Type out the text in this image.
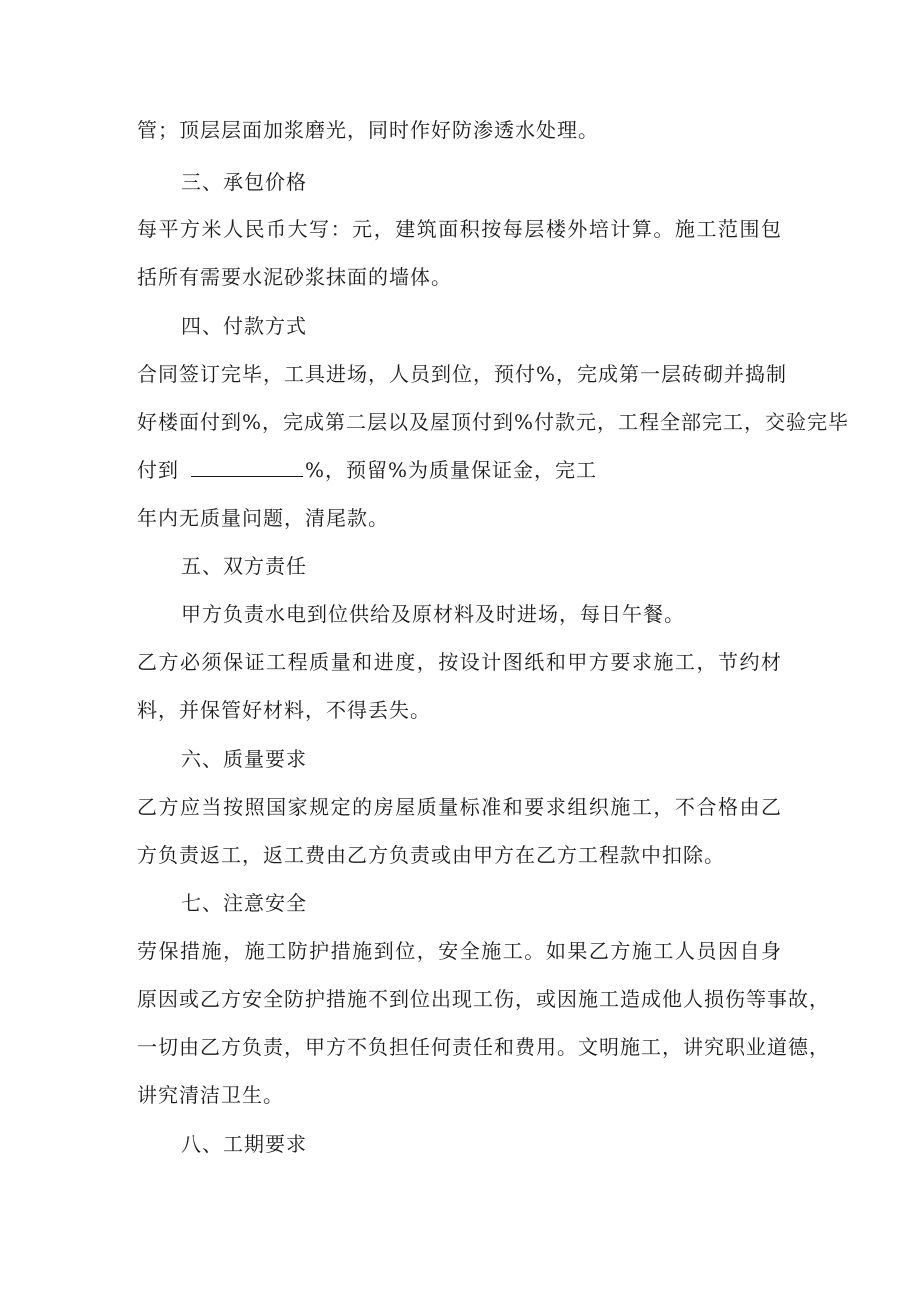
管；顶层层面加浆磨光，同时作好防渗透水处理。
三、承包价格
每平方米人民币大写：元，建筑面积按每层楼外培计算。施工范围包
括所有需要水泥砂浆抹面的墙体。
四、付款方式
合同签订完毕，工具进场，人员到位，预付%，完成第一层砖砌并捣制
好楼面付到%，完成第二层以及屋顶付到%付款元，工程全部完工，交验完毕
付到	%，预留%为质量保证金，完工
年内无质量问题，清尾款。
五、双方责任
甲方负责水电到位供给及原材料及时进场，每日午餐。
乙方必须保证工程质量和进度，按设计图纸和甲方要求施工，节约材
料，并保管好材料，不得丢失。
六、质量要求
乙方应当按照国家规定的房屋质量标准和要求组织施工，不合格由乙
方负责返工，返工费由乙方负责或由甲方在乙方工程款中扣除。
七、注意安全
劳保措施，施工防护措施到位，安全施工。如果乙方施工人员因自身
原因或乙方安全防护措施不到位出现工伤，或因施工造成他人损伤等事故，
一切由乙方负责，甲方不负担任何责任和费用。文明施工，讲究职业道德，
讲究清洁卫生。
八、工期要求
